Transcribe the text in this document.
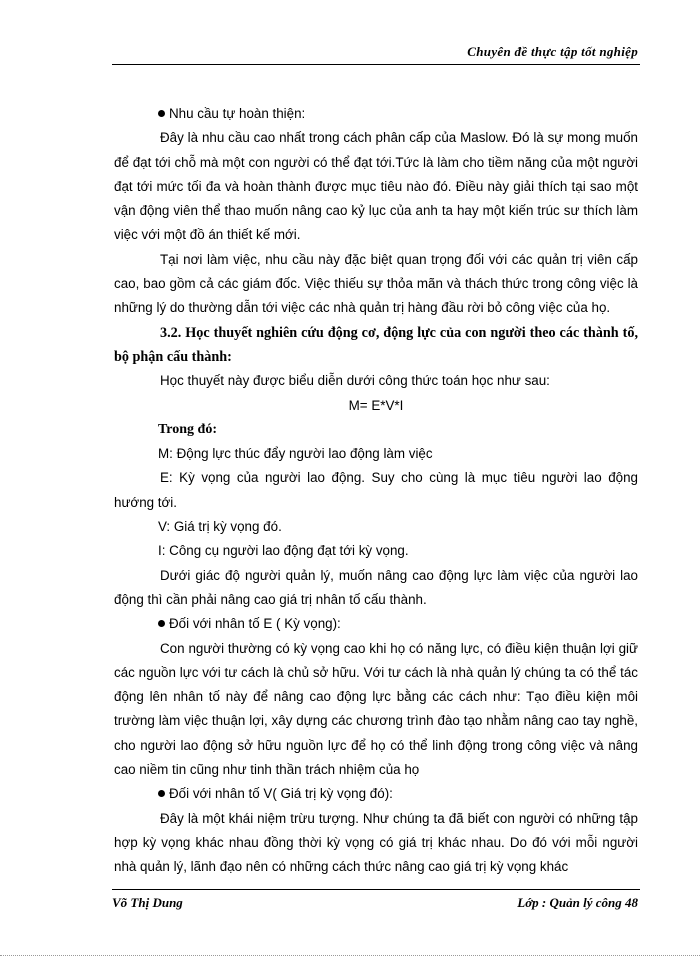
Chuyên đề thực tập tốt nghiệp

Nhu cầu tự hoàn thiện:

Đây là nhu cầu cao nhất trong cách phân cấp của Maslow. Đó là sự mong muốn để đạt tới chỗ mà một con người có thể đạt tới.Tức là làm cho tiềm năng của một người đạt tới mức tối đa và hoàn thành được mục tiêu nào đó. Điều này giải thích tại sao một vận động viên thể thao muốn nâng cao kỷ lục của anh ta hay một kiến trúc sư thích làm việc với một đồ án thiết kế mới.

Tại nơi làm việc, nhu cầu này đặc biệt quan trọng đối với các quản trị viên cấp cao, bao gồm cả các giám đốc. Việc thiếu sự thỏa mãn và thách thức trong công việc là những lý do thường dẫn tới việc các nhà quản trị hàng đầu rời bỏ công việc của họ.

3.2. Học thuyết nghiên cứu động cơ, động lực của con người theo các thành tố, bộ phận cấu thành:

Học thuyết này được biểu diễn dưới công thức toán học như sau:

M= E*V*I

Trong đó:

M: Động lực thúc đẩy người lao động làm việc

E: Kỳ vọng của người lao động. Suy cho cùng là mục tiêu người lao động hướng tới.

V: Giá trị kỳ vọng đó.

I: Công cụ người lao động đạt tới kỳ vọng.

Dưới giác độ người quản lý, muốn nâng cao động lực làm việc của người lao động thì cần phải nâng cao giá trị nhân tố cấu thành.

Đối với nhân tố E ( Kỳ vọng):

Con người thường có kỳ vọng cao khi họ có năng lực, có điều kiện thuận lợi giữ các nguồn lực với tư cách là chủ sở hữu. Với tư cách là nhà quản lý chúng ta có thể tác động lên nhân tố này để nâng cao động lực bằng các cách như: Tạo điều kiện môi trường làm việc thuận lợi, xây dựng các chương trình đào tạo nhằm nâng cao tay nghề, cho người lao động sở hữu nguồn lực để họ có thể linh động trong công việc và nâng cao niềm tin cũng như tinh thần trách nhiệm của họ

Đối với nhân tố V( Giá trị kỳ vọng đó):

Đây là một khái niệm trừu tượng. Như chúng ta đã biết con người có những tập hợp kỳ vọng khác nhau đồng thời kỳ vọng có giá trị khác nhau. Do đó với mỗi người nhà quản lý, lãnh đạo nên có những cách thức nâng cao giá trị kỳ vọng khác

Võ Thị Dung	Lớp : Quản lý công 48
